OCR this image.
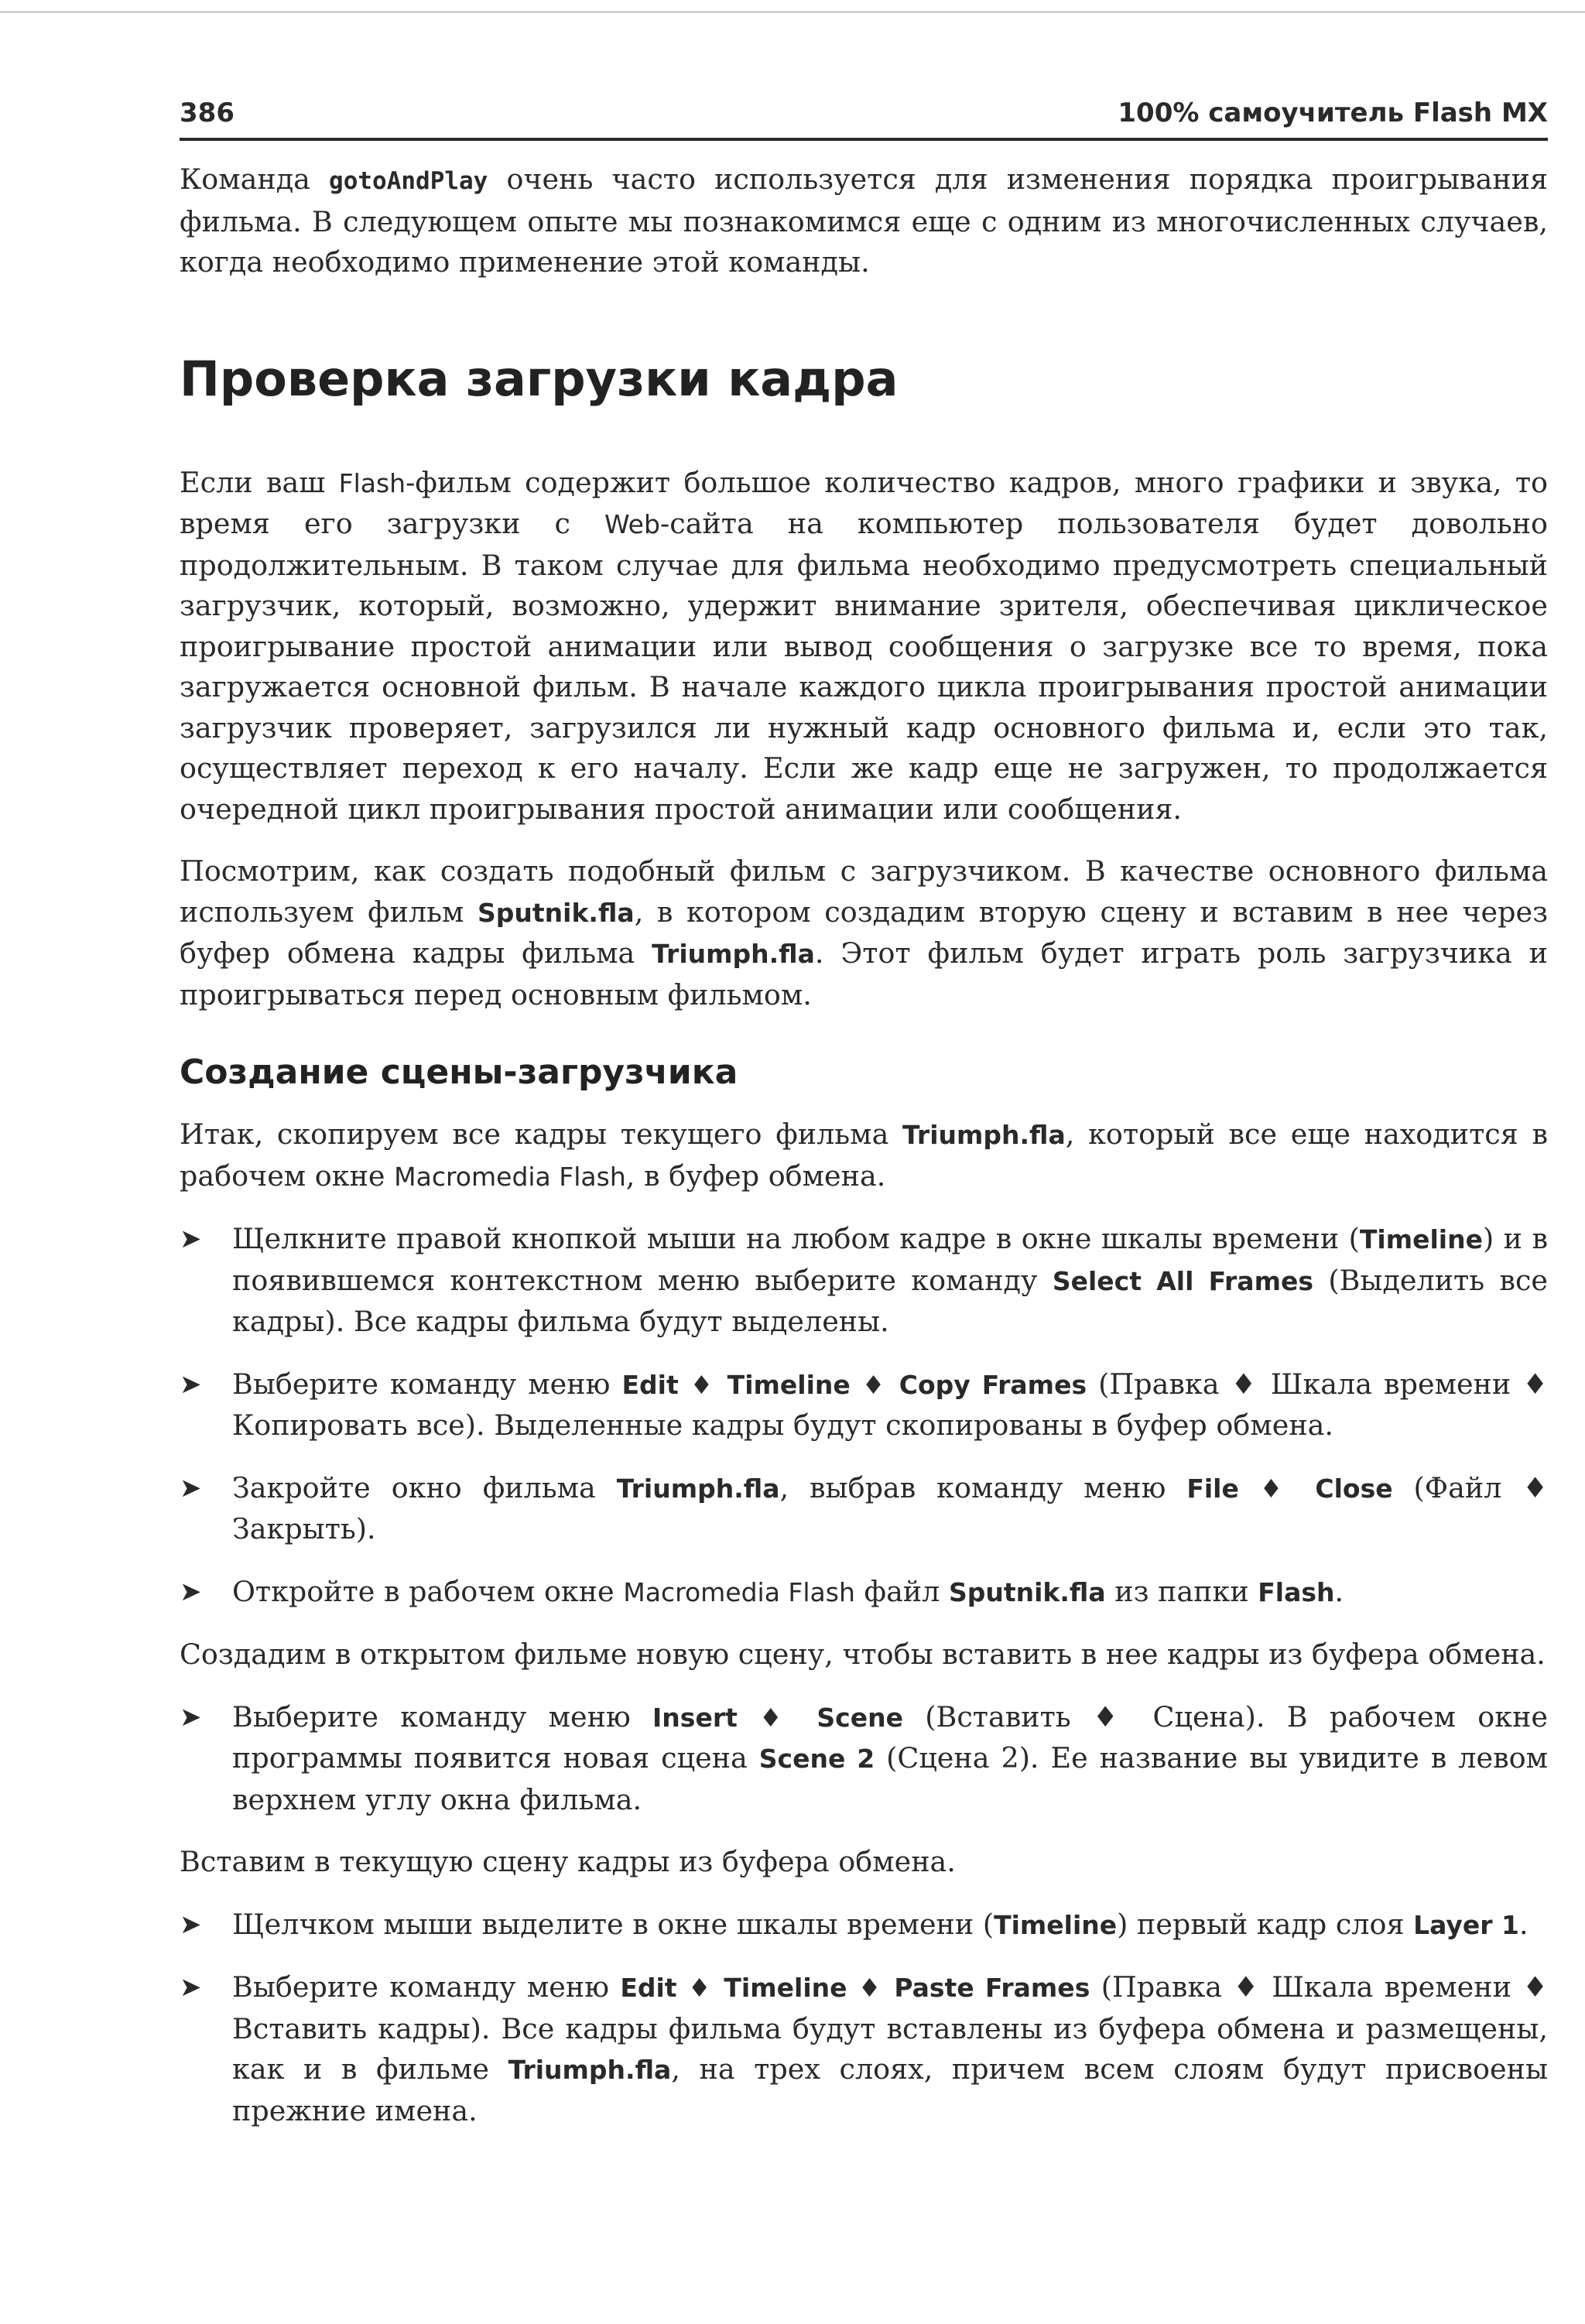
386	100% самоучитель Flash MX

Команда gotoAndPlay очень часто используется для изменения порядка проигрывания фильма. В следующем опыте мы познакомимся еще с одним из многочисленных случаев, когда необходимо применение этой команды.

Проверка загрузки кадра

Если ваш Flash-фильм содержит большое количество кадров, много графики и звука, то время его загрузки с Web-сайта на компьютер пользователя будет довольно продолжительным. В таком случае для фильма необходимо предусмотреть специальный загрузчик, который, возможно, удержит внимание зрителя, обеспечивая циклическое проигрывание простой анимации или вывод сообщения о загрузке все то время, пока загружается основной фильм. В начале каждого цикла проигрывания простой анимации загрузчик проверяет, загрузился ли нужный кадр основного фильма и, если это так, осуществляет переход к его началу. Если же кадр еще не загружен, то продолжается очередной цикл проигрывания простой анимации или сообщения.

Посмотрим, как создать подобный фильм с загрузчиком. В качестве основного фильма используем фильм Sputnik.fla, в котором создадим вторую сцену и вставим в нее через буфер обмена кадры фильма Triumph.fla. Этот фильм будет играть роль загрузчика и проигрываться перед основным фильмом.

Создание сцены-загрузчика

Итак, скопируем все кадры текущего фильма Triumph.fla, который все еще находится в рабочем окне Macromedia Flash, в буфер обмена.

➤ Щелкните правой кнопкой мыши на любом кадре в окне шкалы времени (Timeline) и в появившемся контекстном меню выберите команду Select All Frames (Выделить все кадры). Все кадры фильма будут выделены.
➤ Выберите команду меню Edit ♦ Timeline ♦ Copy Frames (Правка ♦ Шкала времени ♦ Копировать все). Выделенные кадры будут скопированы в буфер обмена.
➤ Закройте окно фильма Triumph.fla, выбрав команду меню File ♦ Close (Файл ♦ Закрыть).
➤ Откройте в рабочем окне Macromedia Flash файл Sputnik.fla из папки Flash.

Создадим в открытом фильме новую сцену, чтобы вставить в нее кадры из буфера обмена.

➤ Выберите команду меню Insert ♦ Scene (Вставить ♦ Сцена). В рабочем окне программы появится новая сцена Scene 2 (Сцена 2). Ее название вы увидите в левом верхнем углу окна фильма.

Вставим в текущую сцену кадры из буфера обмена.

➤ Щелчком мыши выделите в окне шкалы времени (Timeline) первый кадр слоя Layer 1.
➤ Выберите команду меню Edit ♦ Timeline ♦ Paste Frames (Правка ♦ Шкала времени ♦ Вставить кадры). Все кадры фильма будут вставлены из буфера обмена и размещены, как и в фильме Triumph.fla, на трех слоях, причем всем слоям будут присвоены прежние имена.
